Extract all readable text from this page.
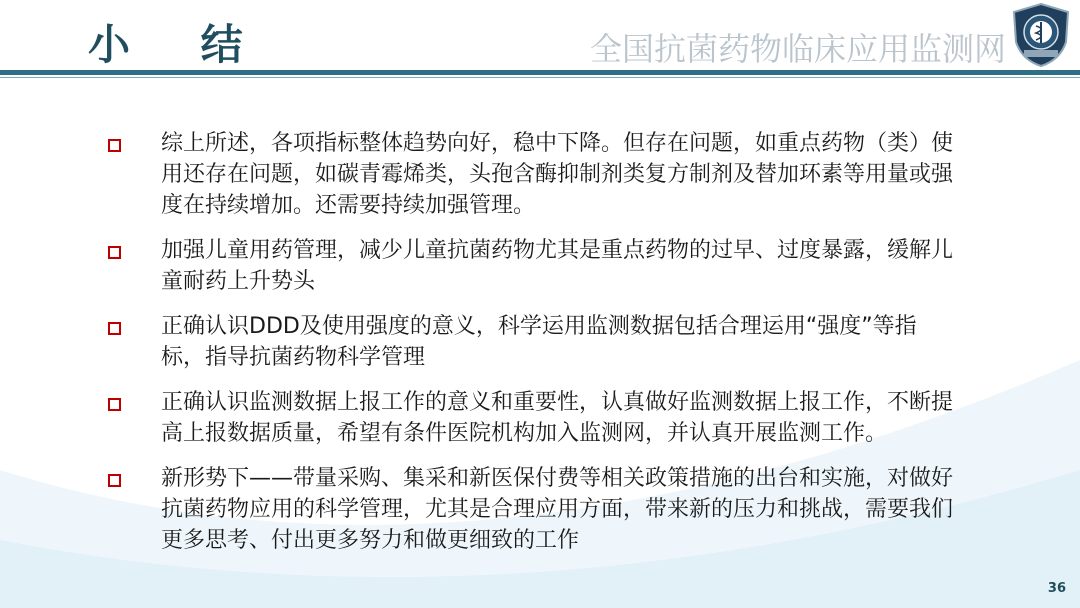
小 结	全国抗菌药物临床应用监测网
综上所述，各项指标整体趋势向好，稳中下降。但存在问题，如重点药物（类）使用还存在问题，如碳青霉烯类，头孢含酶抑制剂类复方制剂及替加环素等用量或强度在持续增加。还需要持续加强管理。
加强儿童用药管理，减少儿童抗菌药物尤其是重点药物的过早、过度暴露，缓解儿童耐药上升势头
正确认识DDD及使用强度的意义，科学运用监测数据包括合理运用“强度”等指标，指导抗菌药物科学管理
正确认识监测数据上报工作的意义和重要性，认真做好监测数据上报工作，不断提高上报数据质量，希望有条件医院机构加入监测网，并认真开展监测工作。
新形势下——带量采购、集采和新医保付费等相关政策措施的出台和实施，对做好抗菌药物应用的科学管理，尤其是合理应用方面，带来新的压力和挑战，需要我们更多思考、付出更多努力和做更细致的工作
36
